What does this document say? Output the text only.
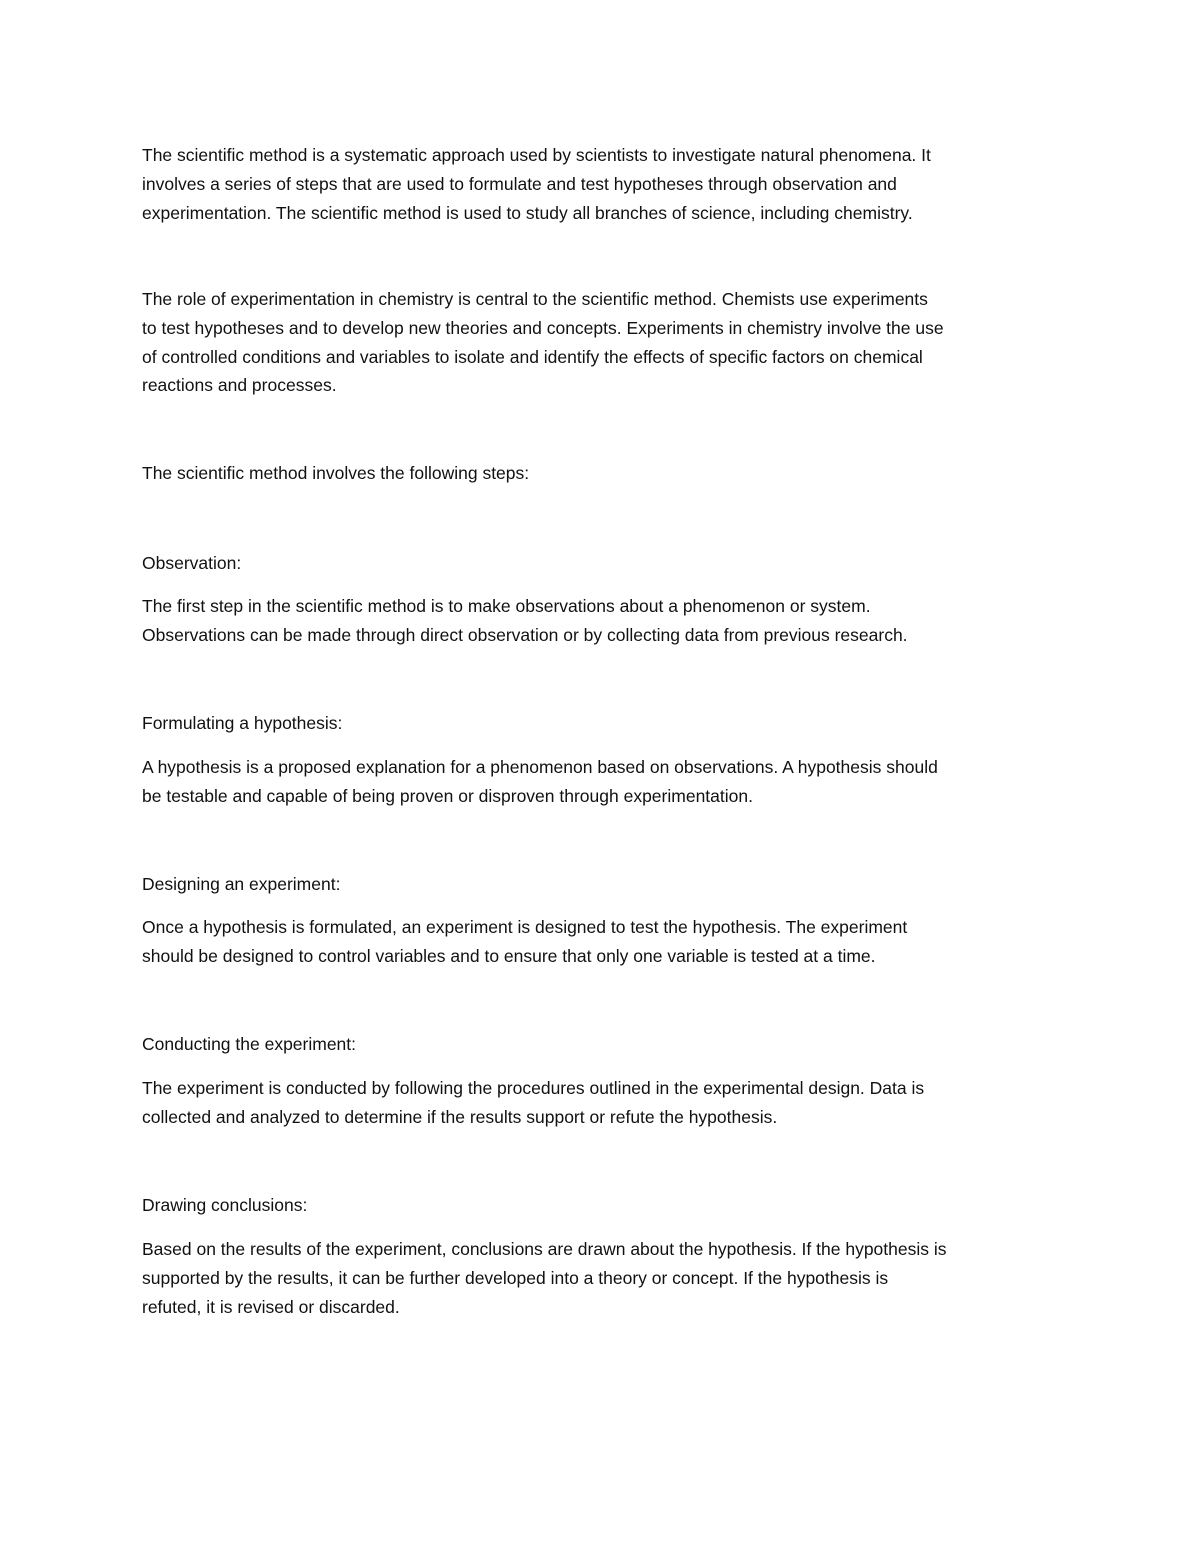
The scientific method is a systematic approach used by scientists to investigate natural phenomena. It
involves a series of steps that are used to formulate and test hypotheses through observation and
experimentation. The scientific method is used to study all branches of science, including chemistry.

The role of experimentation in chemistry is central to the scientific method. Chemists use experiments
to test hypotheses and to develop new theories and concepts. Experiments in chemistry involve the use
of controlled conditions and variables to isolate and identify the effects of specific factors on chemical
reactions and processes.

The scientific method involves the following steps:

Observation:

The first step in the scientific method is to make observations about a phenomenon or system.
Observations can be made through direct observation or by collecting data from previous research.

Formulating a hypothesis:

A hypothesis is a proposed explanation for a phenomenon based on observations. A hypothesis should
be testable and capable of being proven or disproven through experimentation.

Designing an experiment:

Once a hypothesis is formulated, an experiment is designed to test the hypothesis. The experiment
should be designed to control variables and to ensure that only one variable is tested at a time.

Conducting the experiment:

The experiment is conducted by following the procedures outlined in the experimental design. Data is
collected and analyzed to determine if the results support or refute the hypothesis.

Drawing conclusions:

Based on the results of the experiment, conclusions are drawn about the hypothesis. If the hypothesis is
supported by the results, it can be further developed into a theory or concept. If the hypothesis is
refuted, it is revised or discarded.
